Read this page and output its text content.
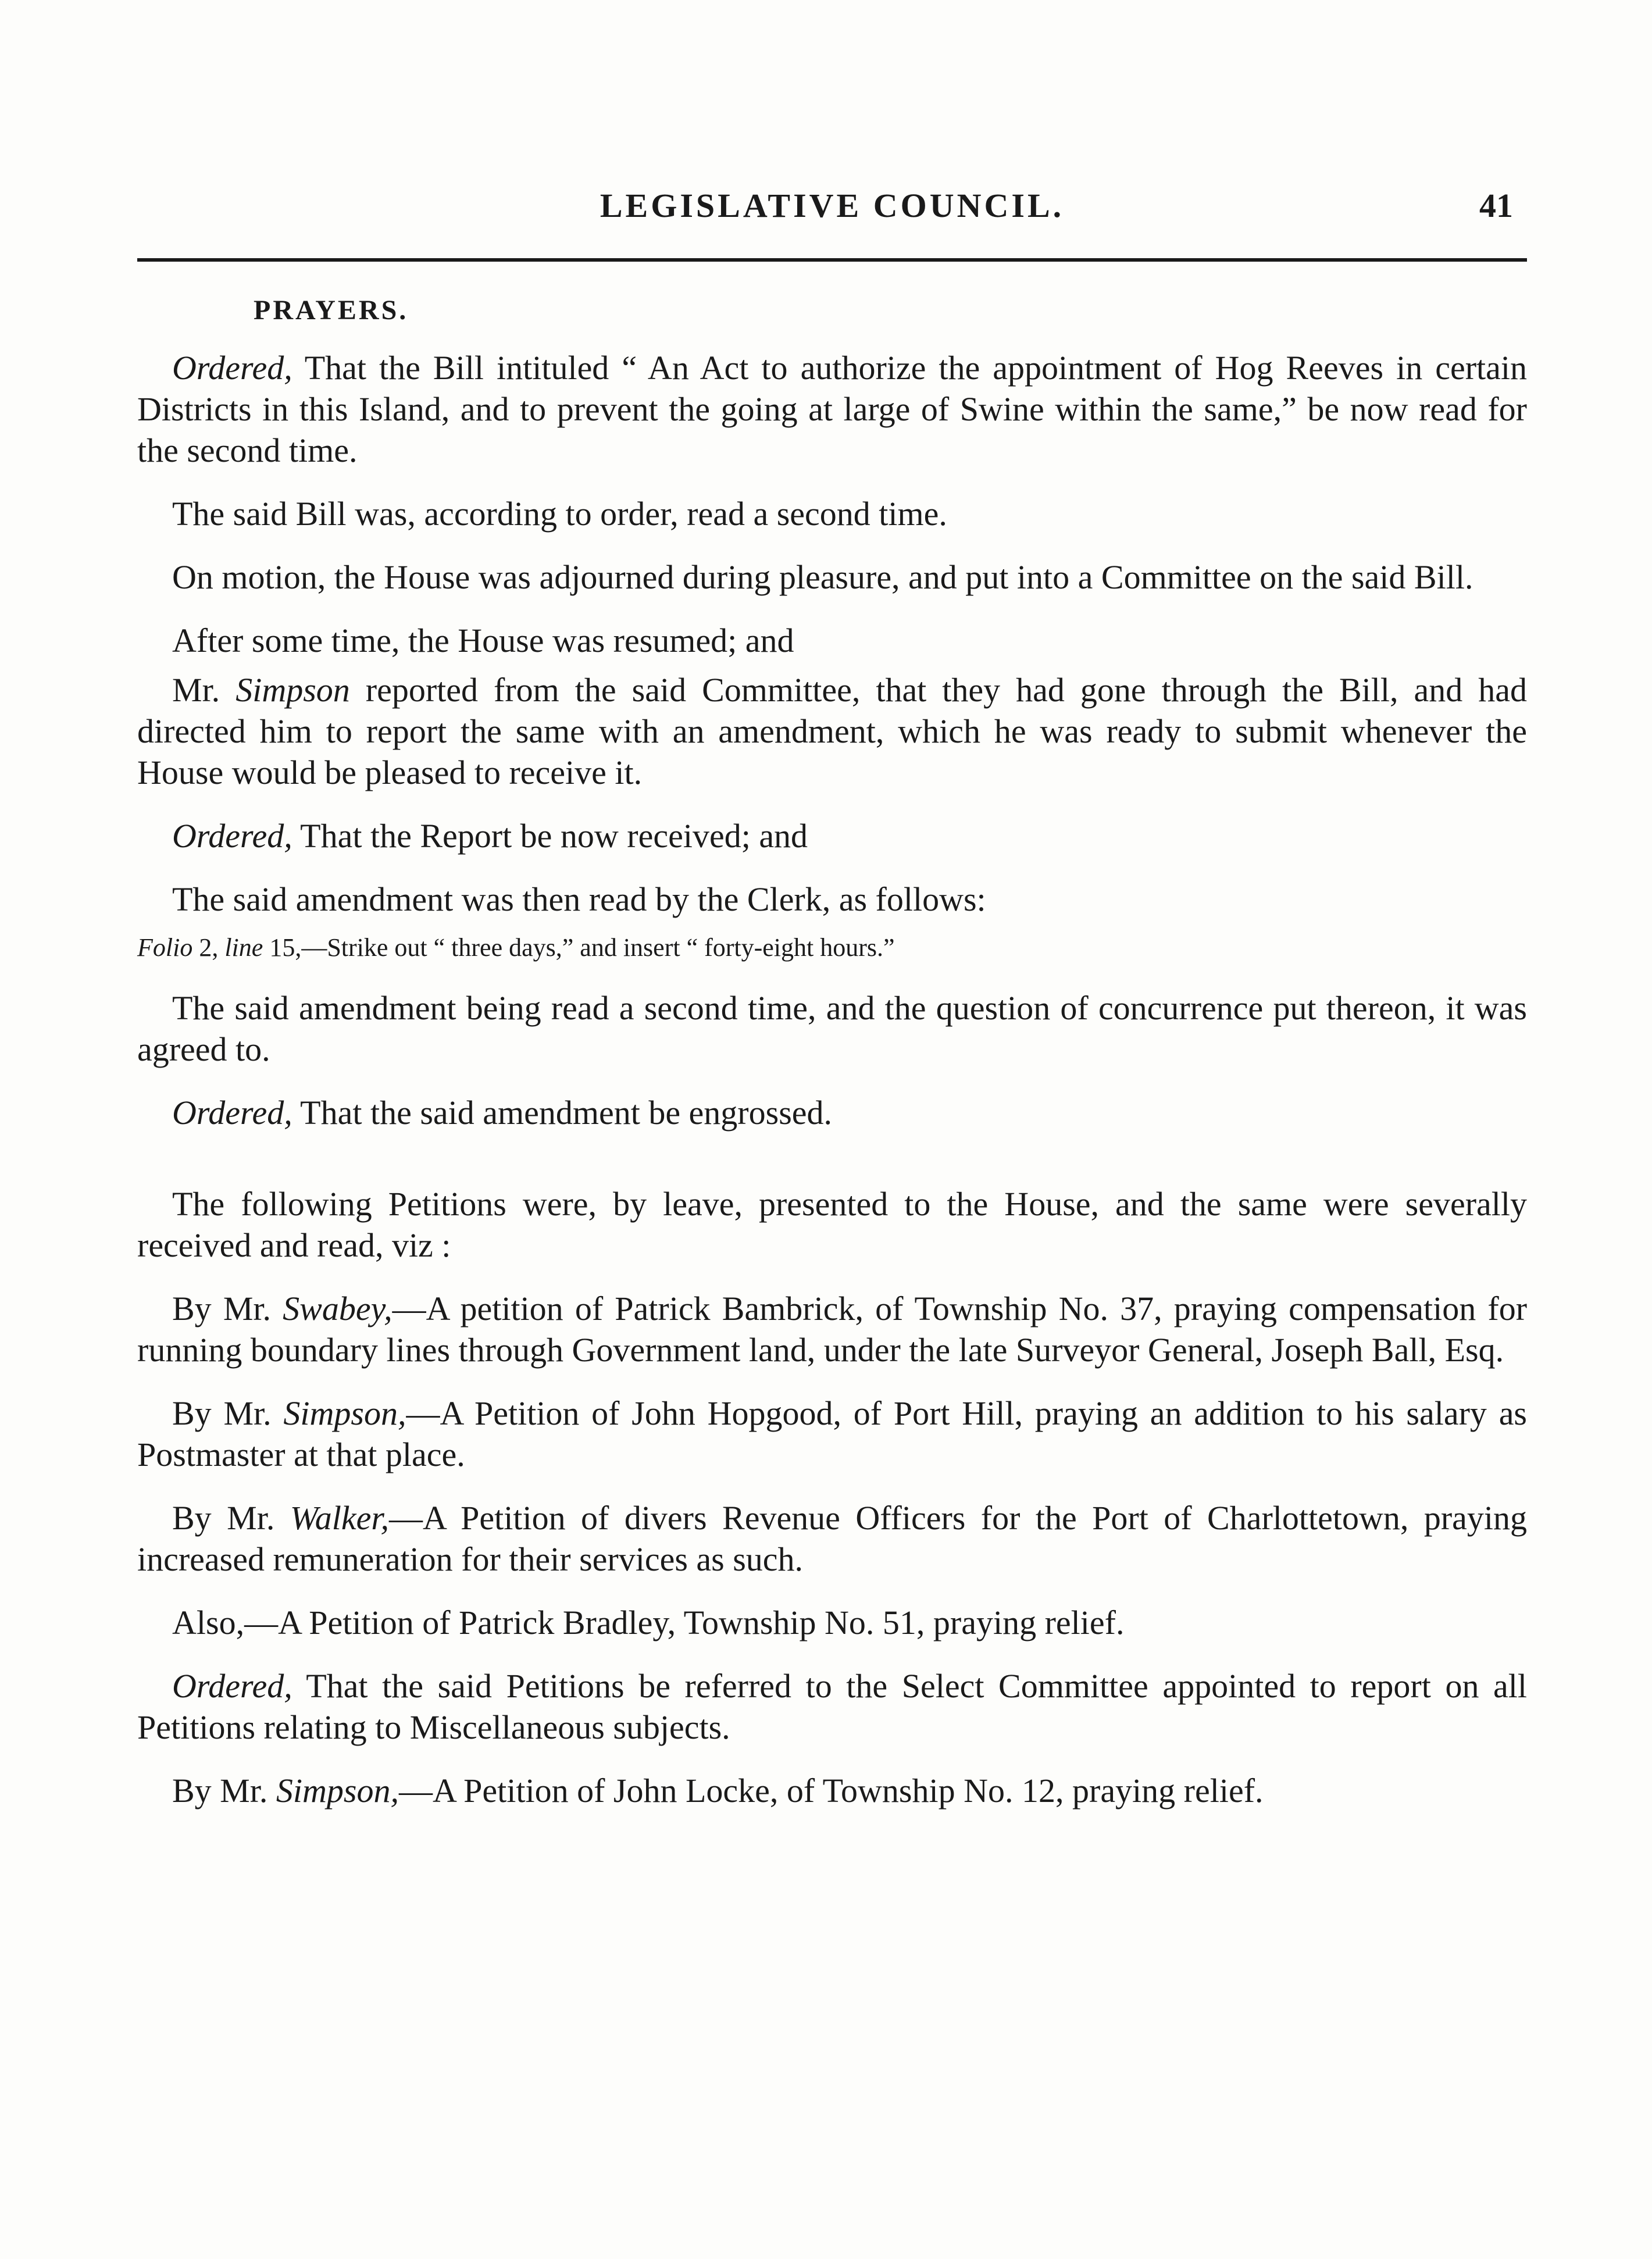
LEGISLATIVE COUNCIL.	41
PRAYERS.

Ordered, That the Bill intituled “ An Act to authorize the appointment of Hog Reeves in certain Districts in this Island, and to prevent the going at large of Swine within the same,” be now read for the second time.

The said Bill was, according to order, read a second time.

On motion, the House was adjourned during pleasure, and put into a Committee on the said Bill.

After some time, the House was resumed; and

Mr. Simpson reported from the said Committee, that they had gone through the Bill, and had directed him to report the same with an amendment, which he was ready to submit whenever the House would be pleased to receive it.

Ordered, That the Report be now received; and

The said amendment was then read by the Clerk, as follows:

Folio 2, line 15,—Strike out “ three days,” and insert “ forty-eight hours.”

The said amendment being read a second time, and the question of concurrence put thereon, it was agreed to.

Ordered, That the said amendment be engrossed.

The following Petitions were, by leave, presented to the House, and the same were severally received and read, viz :

By Mr. Swabey,—A petition of Patrick Bambrick, of Township No. 37, praying compensation for running boundary lines through Government land, under the late Surveyor General, Joseph Ball, Esq.

By Mr. Simpson,—A Petition of John Hopgood, of Port Hill, praying an addition to his salary as Postmaster at that place.

By Mr. Walker,—A Petition of divers Revenue Officers for the Port of Charlottetown, praying increased remuneration for their services as such.

Also,—A Petition of Patrick Bradley, Township No. 51, praying relief.

Ordered, That the said Petitions be referred to the Select Committee appointed to report on all Petitions relating to Miscellaneous subjects.

By Mr. Simpson,—A Petition of John Locke, of Township No. 12, praying relief.
